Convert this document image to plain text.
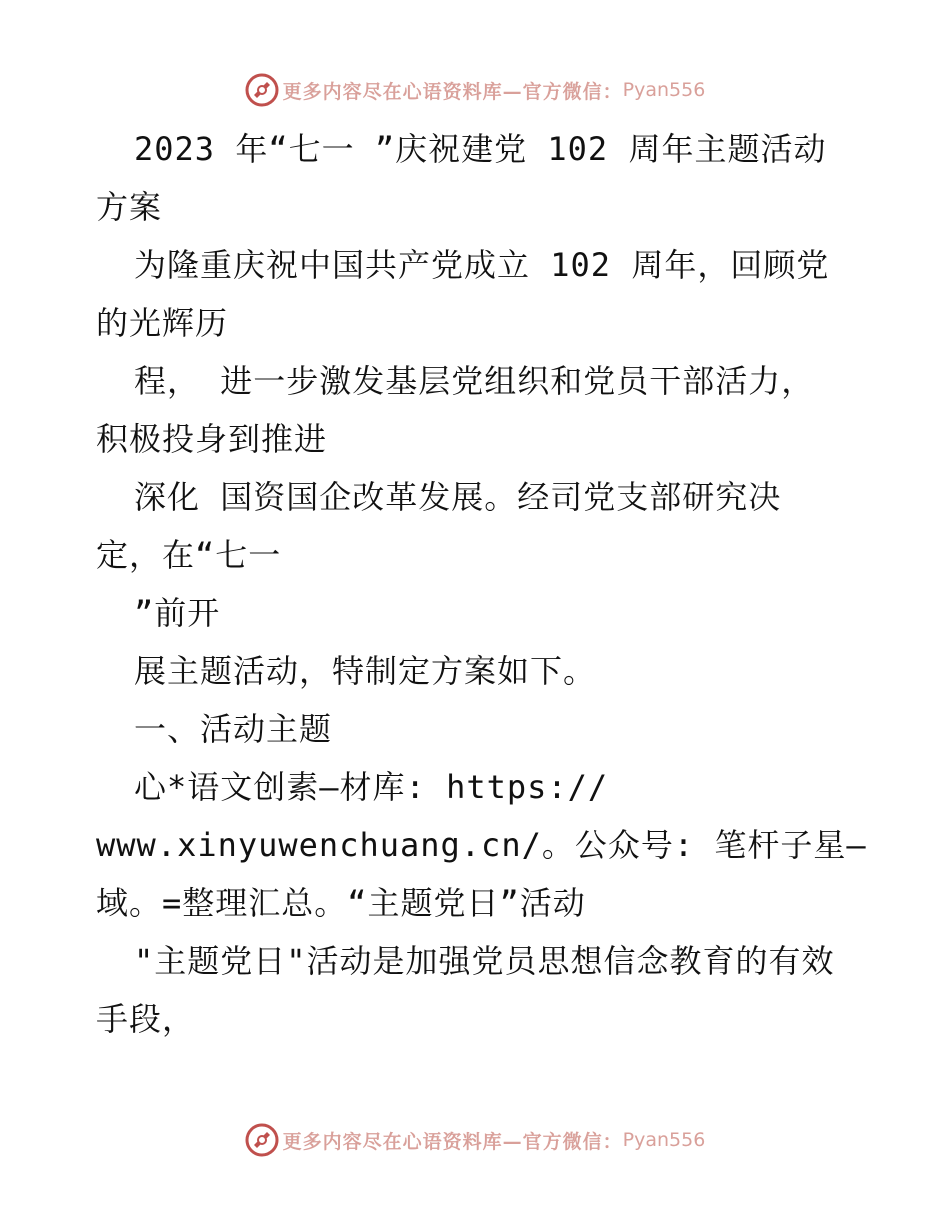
更多内容尽在心语资料库—官方微信： Pyan556
2023 年“七一 ”庆祝建党 102 周年主题活动
方案
为隆重庆祝中国共产党成立 102 周年，回顾党
的光辉历
程， 进一步激发基层党组织和党员干部活力，
积极投身到推进
深化 国资国企改革发展。经司党支部研究决
定，在“七一
”前开
展主题活动，特制定方案如下。
一、活动主题
心*语文创素—材库: https://
www.xinyuwenchuang.cn/。公众号: 笔杆子星—
域。=整理汇总。“主题党日”活动
"主题党日"活动是加强党员思想信念教育的有效
手段，
更多内容尽在心语资料库—官方微信： Pyan556
